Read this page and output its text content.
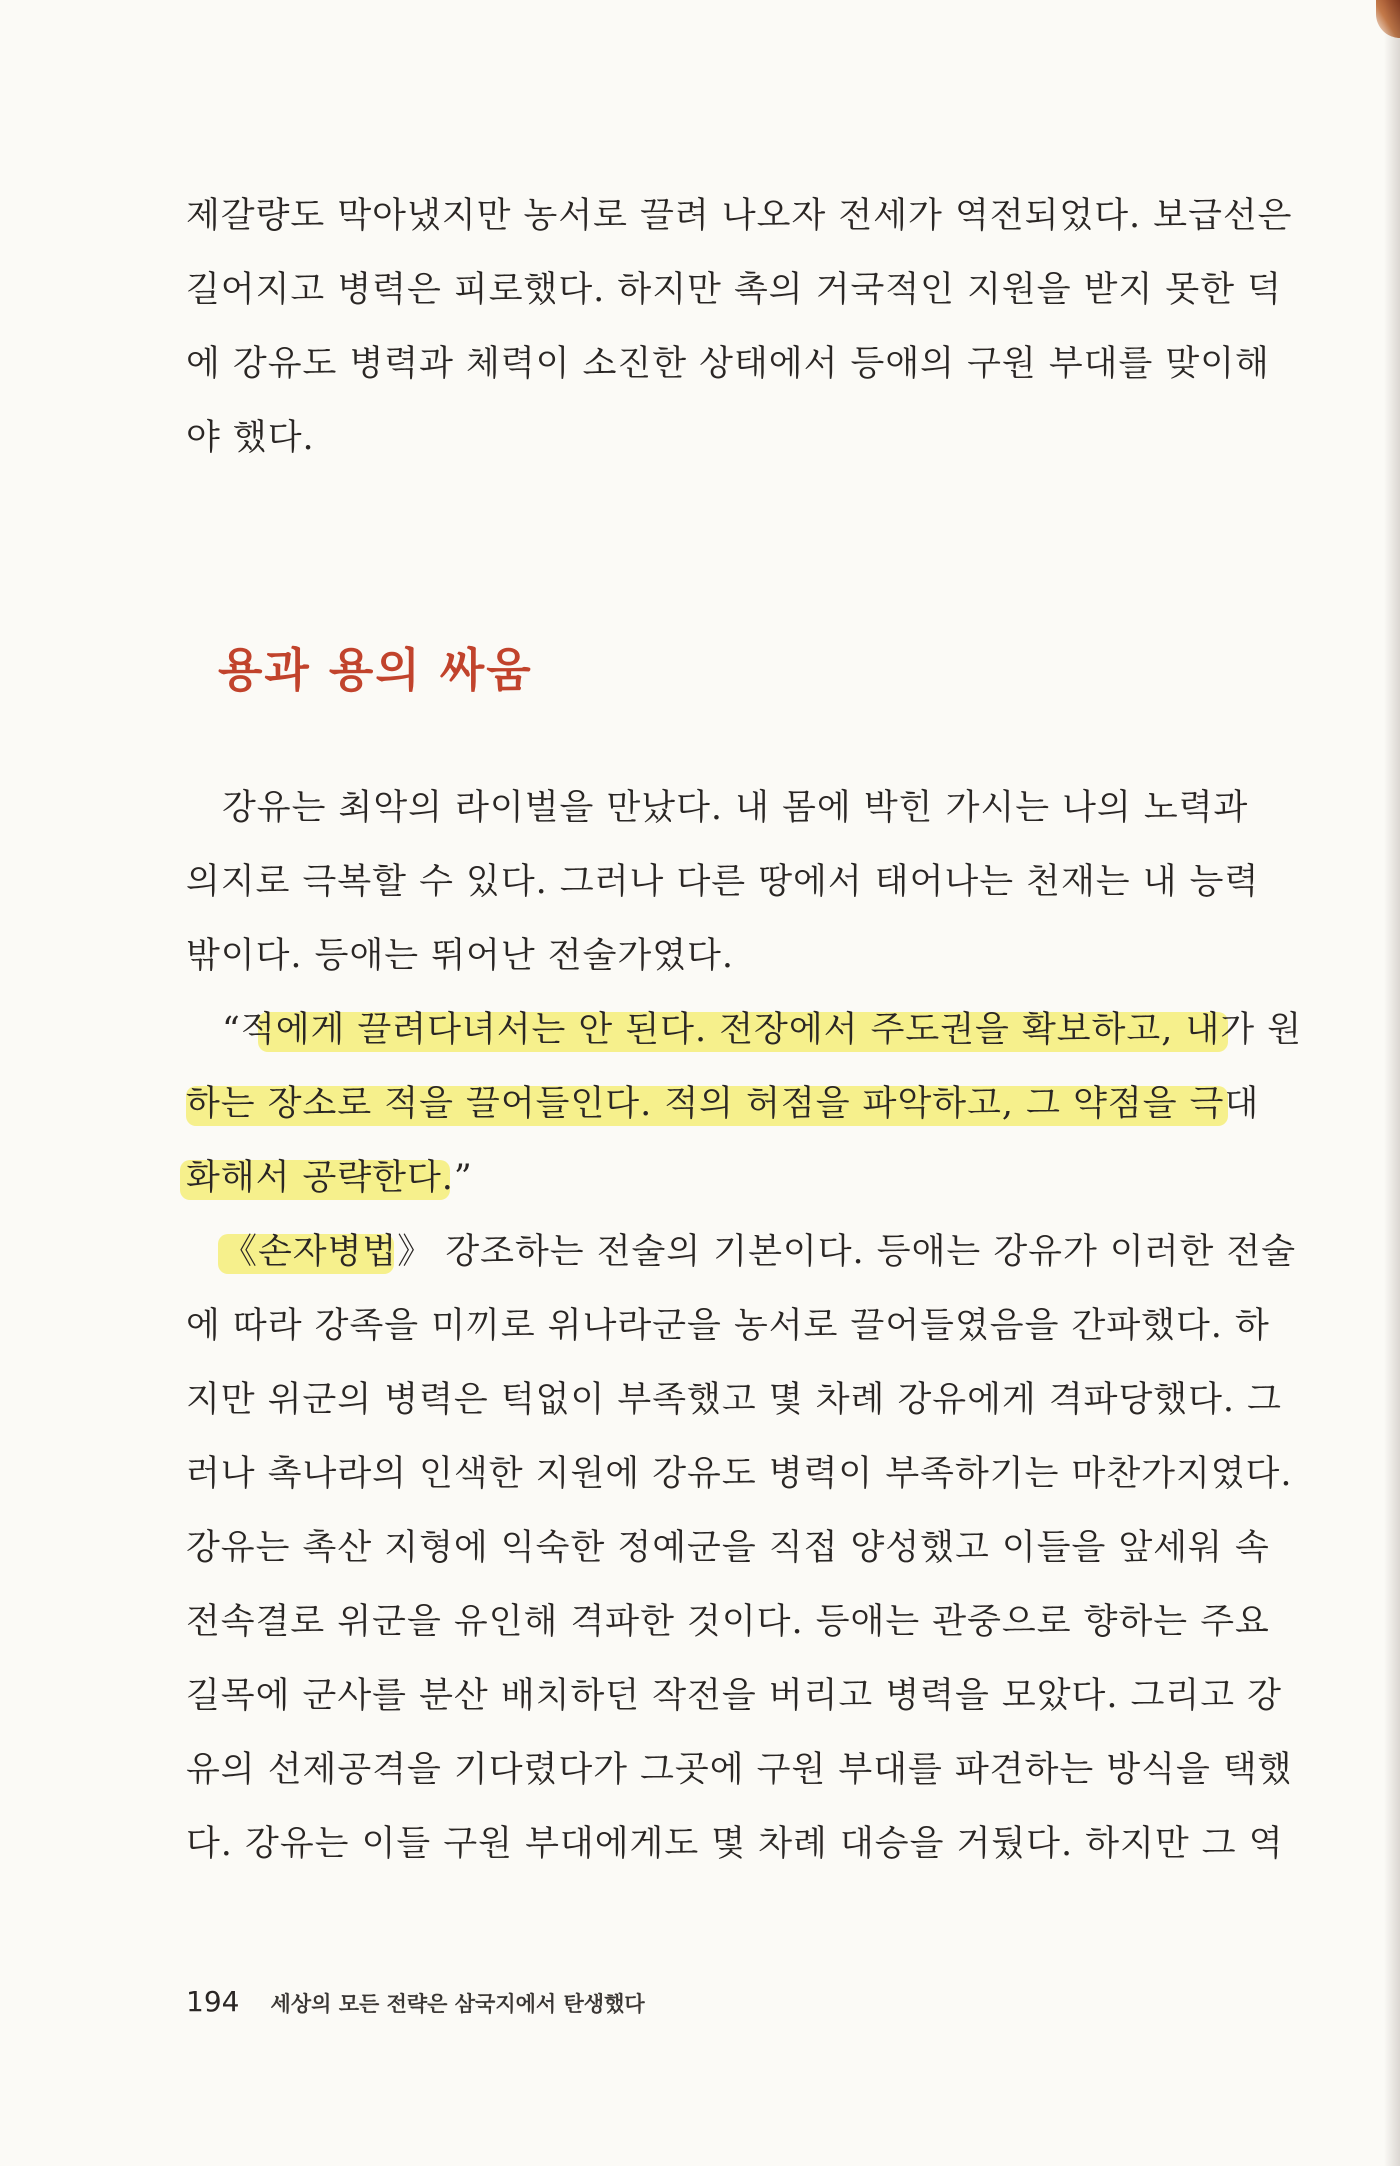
제갈량도 막아냈지만 농서로 끌려 나오자 전세가 역전되었다. 보급선은
길어지고 병력은 피로했다. 하지만 촉의 거국적인 지원을 받지 못한 덕
에 강유도 병력과 체력이 소진한 상태에서 등애의 구원 부대를 맞이해
야 했다.
용과 용의 싸움
강유는 최악의 라이벌을 만났다. 내 몸에 박힌 가시는 나의 노력과
의지로 극복할 수 있다. 그러나 다른 땅에서 태어나는 천재는 내 능력
밖이다. 등애는 뛰어난 전술가였다.
“적에게 끌려다녀서는 안 된다. 전장에서 주도권을 확보하고, 내가 원
하는 장소로 적을 끌어들인다. 적의 허점을 파악하고, 그 약점을 극대
화해서 공략한다.”
《손자병법》 강조하는 전술의 기본이다. 등애는 강유가 이러한 전술
에 따라 강족을 미끼로 위나라군을 농서로 끌어들였음을 간파했다. 하
지만 위군의 병력은 턱없이 부족했고 몇 차례 강유에게 격파당했다. 그
러나 촉나라의 인색한 지원에 강유도 병력이 부족하기는 마찬가지였다.
강유는 촉산 지형에 익숙한 정예군을 직접 양성했고 이들을 앞세워 속
전속결로 위군을 유인해 격파한 것이다. 등애는 관중으로 향하는 주요
길목에 군사를 분산 배치하던 작전을 버리고 병력을 모았다. 그리고 강
유의 선제공격을 기다렸다가 그곳에 구원 부대를 파견하는 방식을 택했
다. 강유는 이들 구원 부대에게도 몇 차례 대승을 거뒀다. 하지만 그 역
194 세상의 모든 전략은 삼국지에서 탄생했다
